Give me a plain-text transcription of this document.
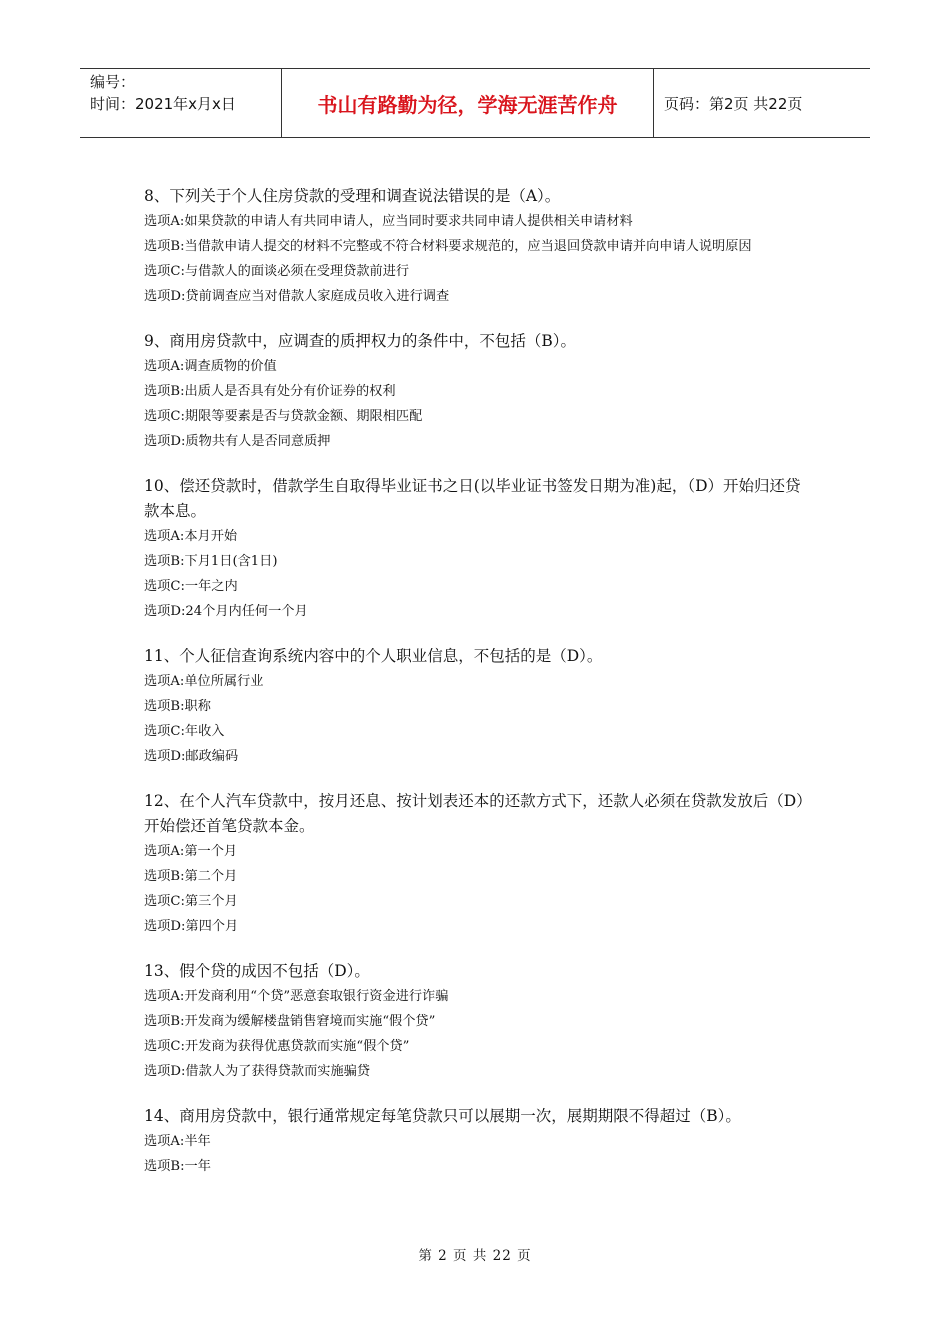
编号：
时间：2021年x月x日	书山有路勤为径，学海无涯苦作舟	页码：第2页 共22页
8、下列关于个人住房贷款的受理和调查说法错误的是（A）。
选项A:如果贷款的申请人有共同申请人，应当同时要求共同申请人提供相关申请材料
选项B:当借款申请人提交的材料不完整或不符合材料要求规范的，应当退回贷款申请并向申请人说明原因
选项C:与借款人的面谈必须在受理贷款前进行
选项D:贷前调查应当对借款人家庭成员收入进行调查
9、商用房贷款中，应调查的质押权力的条件中，不包括（B）。
选项A:调查质物的价值
选项B:出质人是否具有处分有价证券的权利
选项C:期限等要素是否与贷款金额、期限相匹配
选项D:质物共有人是否同意质押
10、偿还贷款时，借款学生自取得毕业证书之日(以毕业证书签发日期为准)起，（D）开始归还贷款本息。
选项A:本月开始
选项B:下月1日(含1日)
选项C:一年之内
选项D:24个月内任何一个月
11、个人征信查询系统内容中的个人职业信息，不包括的是（D）。
选项A:单位所属行业
选项B:职称
选项C:年收入
选项D:邮政编码
12、在个人汽车贷款中，按月还息、按计划表还本的还款方式下，还款人必须在贷款发放后（D）开始偿还首笔贷款本金。
选项A:第一个月
选项B:第二个月
选项C:第三个月
选项D:第四个月
13、假个贷的成因不包括（D）。
选项A:开发商利用“个贷”恶意套取银行资金进行诈骗
选项B:开发商为缓解楼盘销售窘境而实施“假个贷”
选项C:开发商为获得优惠贷款而实施“假个贷”
选项D:借款人为了获得贷款而实施骗贷
14、商用房贷款中，银行通常规定每笔贷款只可以展期一次，展期期限不得超过（B）。
选项A:半年
选项B:一年
第 2 页 共 22 页
